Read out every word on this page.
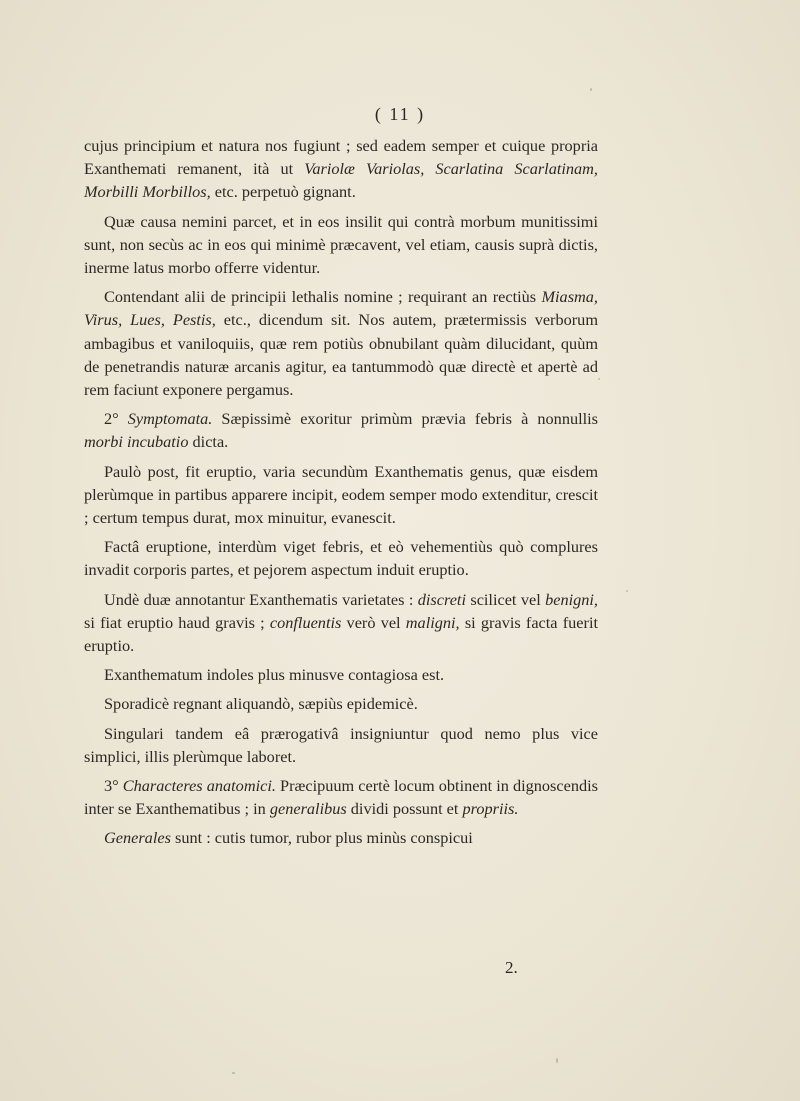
( 11 )

cujus principium et natura nos fugiunt ; sed eadem semper et cuique propria Exanthemati remanent, ità ut Variolæ Variolas, Scarlatina Scarlatinam, Morbilli Morbillos, etc. perpetuò gignant.

Quæ causa nemini parcet, et in eos insilit qui contrà morbum munitissimi sunt, non secùs ac in eos qui minimè præcavent, vel etiam, causis suprà dictis, inerme latus morbo offerre videntur.

Contendant alii de principii lethalis nomine ; requirant an rectiùs Miasma, Virus, Lues, Pestis, etc., dicendum sit. Nos autem, prætermissis verborum ambagibus et vaniloquiis, quæ rem potiùs obnubilant quàm dilucidant, quùm de penetrandis naturæ arcanis agitur, ea tantummodò quæ directè et apertè ad rem faciunt exponere pergamus.

2° Symptomata. Sæpissimè exoritur primùm prævia febris à nonnullis morbi incubatio dicta.

Paulò post, fit eruptio, varia secundùm Exanthematis genus, quæ eisdem plerùmque in partibus apparere incipit, eodem semper modo extenditur, crescit ; certum tempus durat, mox minuitur, evanescit.

Factâ eruptione, interdùm viget febris, et eò vehementiùs quò complures invadit corporis partes, et pejorem aspectum induit eruptio.

Undè duæ annotantur Exanthematis varietates : discreti scilicet vel benigni, si fiat eruptio haud gravis ; confluentis verò vel maligni, si gravis facta fuerit eruptio.

Exanthematum indoles plus minusve contagiosa est.

Sporadicè regnant aliquandò, sæpiùs epidemicè.

Singulari tandem eâ prærogativâ insigniuntur quod nemo plus vice simplici, illis plerùmque laboret.

3° Characteres anatomici. Præcipuum certè locum obtinent in dignoscendis inter se Exanthematibus ; in generalibus dividi possunt et propriis.

Generales sunt : cutis tumor, rubor plus minùs conspicui

2.
